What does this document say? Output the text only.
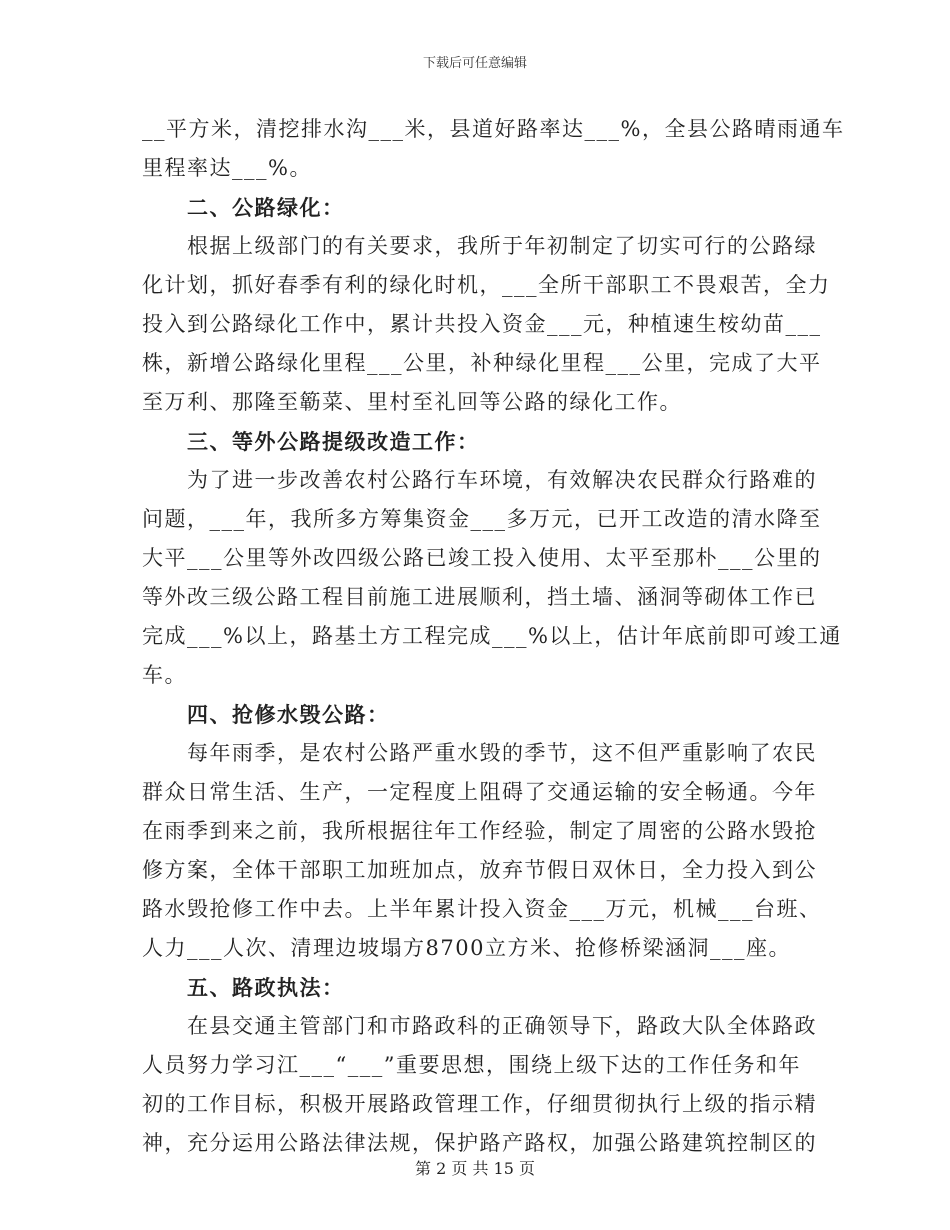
下载后可任意编辑
__平方米，清挖排水沟___米，县道好路率达___%，全县公路晴雨通车
里程率达___%。
二、公路绿化：
根据上级部门的有关要求，我所于年初制定了切实可行的公路绿
化计划，抓好春季有利的绿化时机，___全所干部职工不畏艰苦，全力
投入到公路绿化工作中，累计共投入资金___元，种植速生桉幼苗___
株，新增公路绿化里程___公里，补种绿化里程___公里，完成了大平
至万利、那隆至簕菜、里村至礼回等公路的绿化工作。
三、等外公路提级改造工作：
为了进一步改善农村公路行车环境，有效解决农民群众行路难的
问题，___年，我所多方筹集资金___多万元，已开工改造的清水降至
大平___公里等外改四级公路已竣工投入使用、太平至那朴___公里的
等外改三级公路工程目前施工进展顺利，挡土墙、涵洞等砌体工作已
完成___%以上，路基土方工程完成___%以上，估计年底前即可竣工通
车。
四、抢修水毁公路：
每年雨季，是农村公路严重水毁的季节，这不但严重影响了农民
群众日常生活、生产，一定程度上阻碍了交通运输的安全畅通。今年
在雨季到来之前，我所根据往年工作经验，制定了周密的公路水毁抢
修方案，全体干部职工加班加点，放弃节假日双休日，全力投入到公
路水毁抢修工作中去。上半年累计投入资金___万元，机械___台班、
人力___人次、清理边坡塌方8700立方米、抢修桥梁涵洞___座。
五、路政执法：
在县交通主管部门和市路政科的正确领导下，路政大队全体路政
人员努力学习江___“___”重要思想，围绕上级下达的工作任务和年
初的工作目标，积极开展路政管理工作，仔细贯彻执行上级的指示精
神，充分运用公路法律法规，保护路产路权，加强公路建筑控制区的
第 2 页 共 15 页
